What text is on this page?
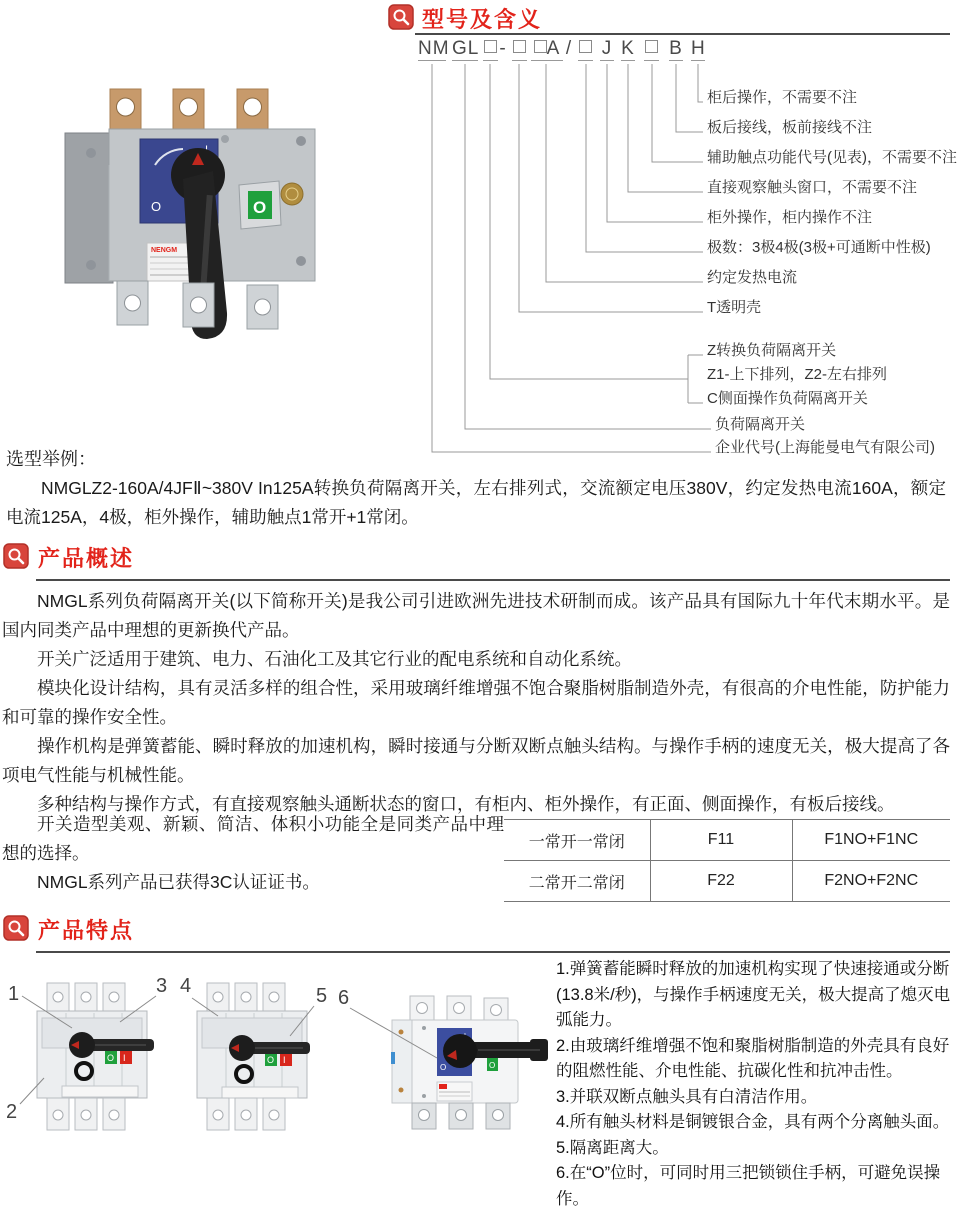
型号及含义
O	O
NENGM
NM GL -	A / J K B H
柜后操作，不需要不注
板后接线，板前接线不注
辅助触点功能代号(见表)，不需要不注
直接观察触头窗口，不需要不注
柜外操作，柜内操作不注
极数：3极4极(3极+可通断中性极)
约定发热电流
T透明壳
Z转换负荷隔离开关
Z1-上下排列，Z2-左右排列
C侧面操作负荷隔离开关
负荷隔离开关
企业代号(上海能曼电气有限公司)
选型举例：

NMGLZ2-160A/4JFⅡ~380V In125A转换负荷隔离开关，左右排列式，交流额定电压380V，约定发热电流160A，额定电流125A，4极，柜外操作，辅助触点1常开+1常闭。

产品概述

NMGL系列负荷隔离开关(以下简称开关)是我公司引进欧洲先进技术研制而成。该产品具有国际九十年代末期水平。是国内同类产品中理想的更新换代产品。

开关广泛适用于建筑、电力、石油化工及其它行业的配电系统和自动化系统。

模块化设计结构，具有灵活多样的组合性，采用玻璃纤维增强不饱合聚脂树脂制造外壳，有很高的介电性能，防护能力和可靠的操作安全性。

操作机构是弹簧蓄能、瞬时释放的加速机构，瞬时接通与分断双断点触头结构。与操作手柄的速度无关，极大提高了各项电气性能与机械性能。

多种结构与操作方式，有直接观察触头通断状态的窗口，有柜内、柜外操作，有正面、侧面操作，有板后接线。

开关造型美观、新颖、简洁、体积小功能全是同类产品中理想的选择。

NMGL系列产品已获得3C认证证书。

一常开一常闭	F11	F1NO+F1NC
二常开二常闭	F22	F2NO+F2NC
产品特点
O I	O I
O	O
1
2
3 4	5 6
1.弹簧蓄能瞬时释放的加速机构实现了快速接通或分断(13.8米/秒)，与操作手柄速度无关，极大提高了熄灭电弧能力。
2.由玻璃纤维增强不饱和聚脂树脂制造的外壳具有良好的阻燃性能、介电性能、抗碳化性和抗冲击性。
3.并联双断点触头具有白清洁作用。
4.所有触头材料是铜镀银合金，具有两个分离触头面。
5.隔离距离大。
6.在“O”位时，可同时用三把锁锁住手柄，可避免误操作。
